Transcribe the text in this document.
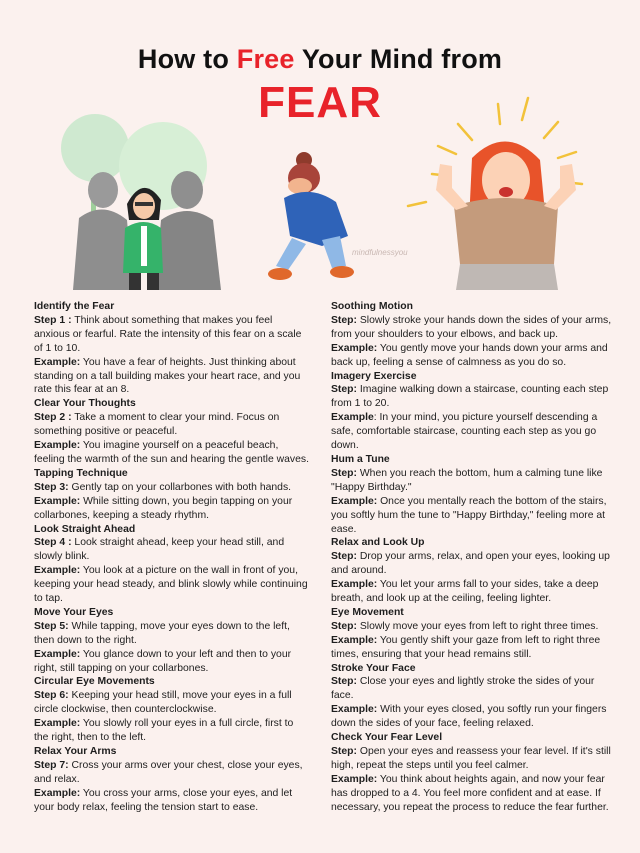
How to Free Your Mind from
FEAR
mindfulnessyou
Identify the Fear
Step 1 : Think about something that makes you feel anxious or fearful. Rate the intensity of this fear on a scale of 1 to 10.
Example: You have a fear of heights. Just thinking about standing on a tall building makes your heart race, and you rate this fear at an 8.
Clear Your Thoughts
Step 2 : Take a moment to clear your mind. Focus on something positive or peaceful.
Example: You imagine yourself on a peaceful beach, feeling the warmth of the sun and hearing the gentle waves.
Tapping Technique
Step 3: Gently tap on your collarbones with both hands.
Example: While sitting down, you begin tapping on your collarbones, keeping a steady rhythm.
Look Straight Ahead
Step 4 : Look straight ahead, keep your head still, and slowly blink.
Example: You look at a picture on the wall in front of you, keeping your head steady, and blink slowly while continuing to tap.
Move Your Eyes
Step 5: While tapping, move your eyes down to the left, then down to the right.
Example: You glance down to your left and then to your right, still tapping on your collarbones.
Circular Eye Movements
Step 6: Keeping your head still, move your eyes in a full circle clockwise, then counterclockwise.
Example: You slowly roll your eyes in a full circle, first to the right, then to the left.
Relax Your Arms
Step 7: Cross your arms over your chest, close your eyes, and relax.
Example: You cross your arms, close your eyes, and let your body relax, feeling the tension start to ease.
Soothing Motion
Step: Slowly stroke your hands down the sides of your arms, from your shoulders to your elbows, and back up.
Example: You gently move your hands down your arms and back up, feeling a sense of calmness as you do so.
Imagery Exercise
Step: Imagine walking down a staircase, counting each step from 1 to 20.
Example: In your mind, you picture yourself descending a safe, comfortable staircase, counting each step as you go down.
Hum a Tune
Step: When you reach the bottom, hum a calming tune like "Happy Birthday."
Example: Once you mentally reach the bottom of the stairs, you softly hum the tune to "Happy Birthday," feeling more at ease.
Relax and Look Up
Step: Drop your arms, relax, and open your eyes, looking up and around.
Example: You let your arms fall to your sides, take a deep breath, and look up at the ceiling, feeling lighter.
Eye Movement
Step: Slowly move your eyes from left to right three times.
Example: You gently shift your gaze from left to right three times, ensuring that your head remains still.
Stroke Your Face
Step: Close your eyes and lightly stroke the sides of your face.
Example: With your eyes closed, you softly run your fingers down the sides of your face, feeling relaxed.
Check Your Fear Level
Step: Open your eyes and reassess your fear level. If it's still high, repeat the steps until you feel calmer.
Example: You think about heights again, and now your fear has dropped to a 4. You feel more confident and at ease. If necessary, you repeat the process to reduce the fear further.
